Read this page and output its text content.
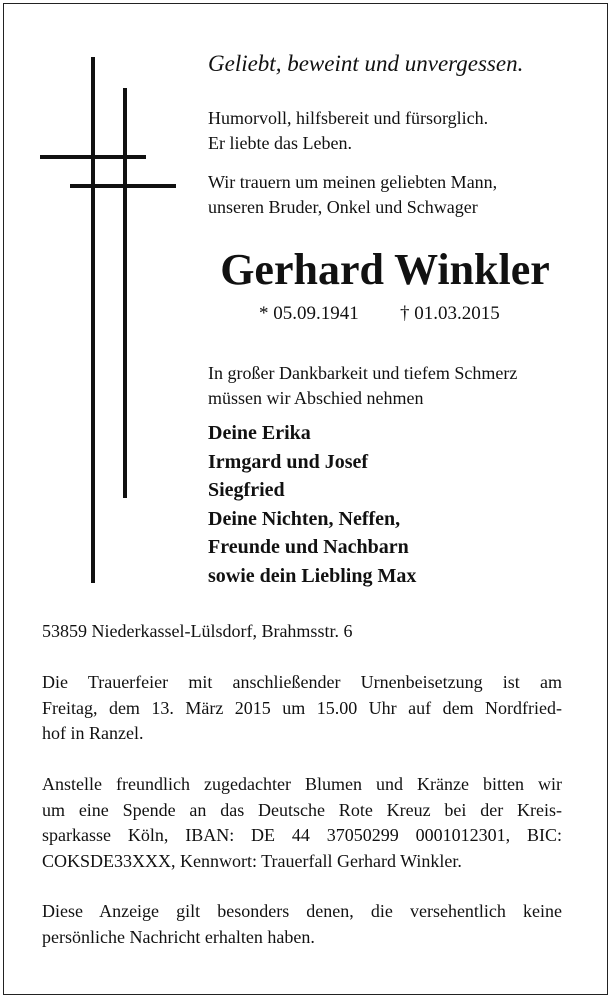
Geliebt, beweint und unvergessen.
Humorvoll, hilfsbereit und fürsorglich.
Er liebte das Leben.
Wir trauern um meinen geliebten Mann,
unseren Bruder, Onkel und Schwager
Gerhard Winkler
* 05.09.1941 † 01.03.2015
In großer Dankbarkeit und tiefem Schmerz
müssen wir Abschied nehmen
Deine Erika
Irmgard und Josef
Siegfried
Deine Nichten, Neffen,
Freunde und Nachbarn
sowie dein Liebling Max
53859 Niederkassel-Lülsdorf, Brahmsstr. 6
Die Trauerfeier mit anschließender Urnenbeisetzung ist am
Freitag, dem 13. März 2015 um 15.00 Uhr auf dem Nordfried-
hof in Ranzel.
Anstelle freundlich zugedachter Blumen und Kränze bitten wir
um eine Spende an das Deutsche Rote Kreuz bei der Kreis-
sparkasse Köln, IBAN: DE 44 37050299 0001012301, BIC:
COKSDE33XXX, Kennwort: Trauerfall Gerhard Winkler.
Diese Anzeige gilt besonders denen, die versehentlich keine
persönliche Nachricht erhalten haben.
